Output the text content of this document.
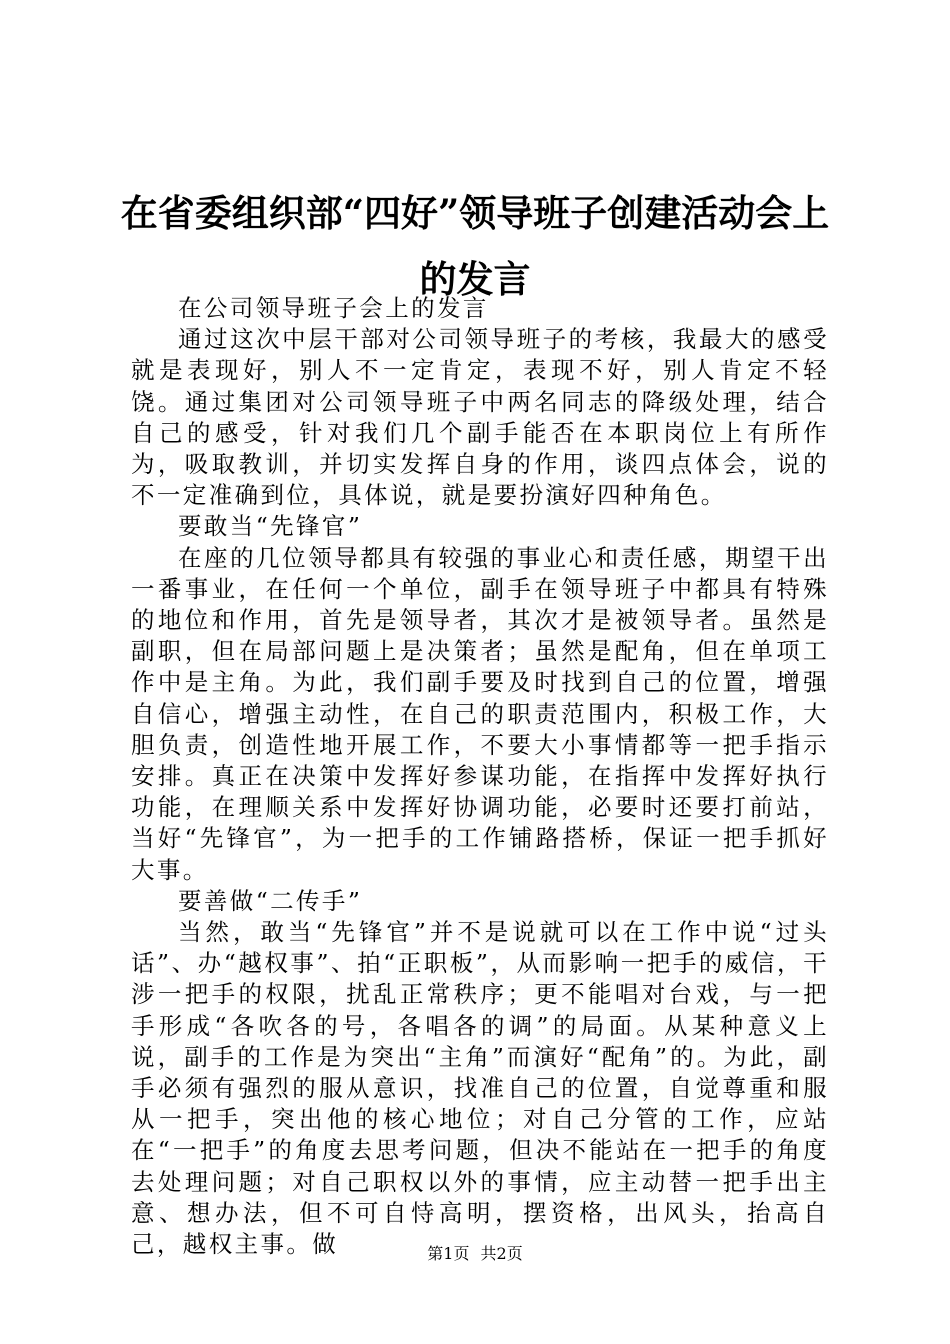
在省委组织部“四好”领导班子创建活动会上的发言

在公司领导班子会上的发言

通过这次中层干部对公司领导班子的考核，我最大的感受就是表现好，别人不一定肯定，表现不好，别人肯定不轻饶。通过集团对公司领导班子中两名同志的降级处理，结合自己的感受，针对我们几个副手能否在本职岗位上有所作为，吸取教训，并切实发挥自身的作用，谈四点体会，说的不一定准确到位，具体说，就是要扮演好四种角色。

要敢当“先锋官”

在座的几位领导都具有较强的事业心和责任感，期望干出一番事业，在任何一个单位，副手在领导班子中都具有特殊的地位和作用，首先是领导者，其次才是被领导者。虽然是副职，但在局部问题上是决策者；虽然是配角，但在单项工作中是主角。为此，我们副手要及时找到自己的位置，增强自信心，增强主动性，在自己的职责范围内，积极工作，大胆负责，创造性地开展工作，不要大小事情都等一把手指示安排。真正在决策中发挥好参谋功能，在指挥中发挥好执行功能，在理顺关系中发挥好协调功能，必要时还要打前站，当好“先锋官”，为一把手的工作铺路搭桥，保证一把手抓好大事。

要善做“二传手”

当然，敢当“先锋官”并不是说就可以在工作中说“过头话”、办“越权事”、拍“正职板”，从而影响一把手的威信，干涉一把手的权限，扰乱正常秩序；更不能唱对台戏，与一把手形成“各吹各的号，各唱各的调”的局面。从某种意义上说，副手的工作是为突出“主角”而演好“配角”的。为此，副手必须有强烈的服从意识，找准自己的位置，自觉尊重和服从一把手，突出他的核心地位；对自己分管的工作，应站在“一把手”的角度去思考问题，但决不能站在一把手的角度去处理问题；对自己职权以外的事情，应主动替一把手出主意、想办法，但不可自恃高明，摆资格，出风头，抬高自己，越权主事。做	第1页 共2页
